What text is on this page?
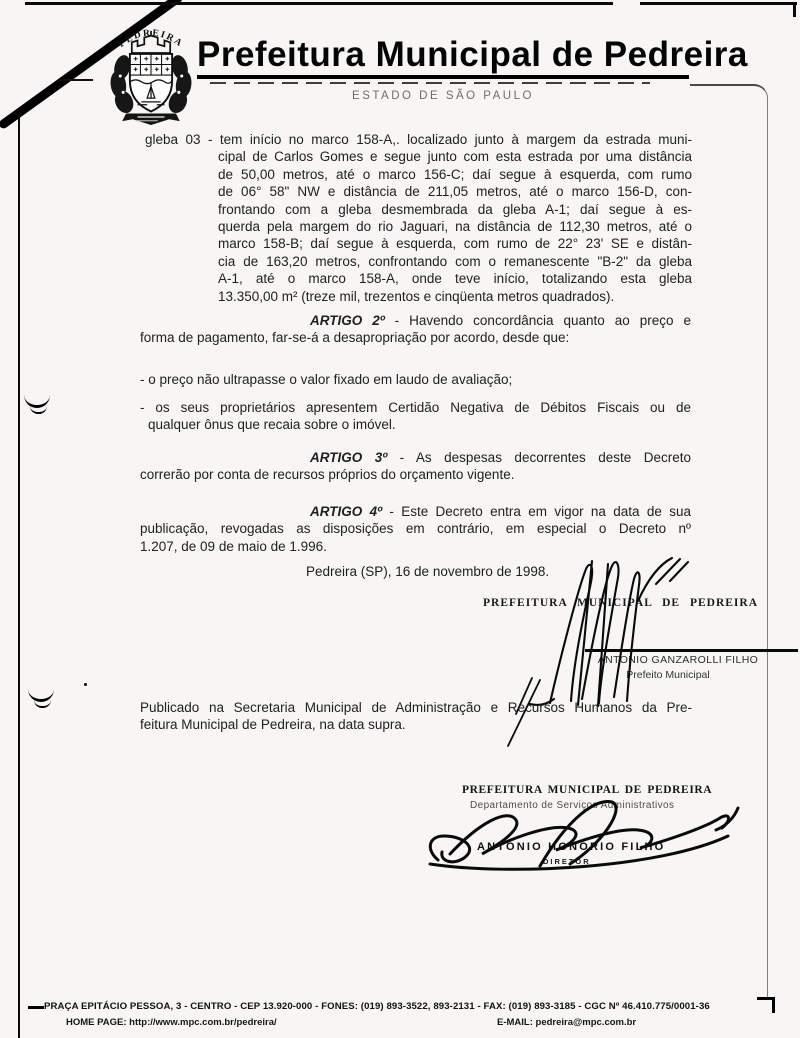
PEDREIRA Prefeitura Municipal de Pedreira
ESTADO DE SÃO PAULO
gleba 03 - tem início no marco 158-A,. localizado junto à margem da estrada muni-
cipal de Carlos Gomes e segue junto com esta estrada por uma distância
de 50,00 metros, até o marco 156-C; daí segue à esquerda, com rumo
de 06° 58" NW e distância de 211,05 metros, até o marco 156-D, con-
frontando com a gleba desmembrada da gleba A-1; daí segue à es-
querda pela margem do rio Jaguari, na distância de 112,30 metros, até o
marco 158-B; daí segue à esquerda, com rumo de 22° 23' SE e distân-
cia de 163,20 metros, confrontando com o remanescente "B-2" da gleba
A-1, até o marco 158-A, onde teve início, totalizando esta gleba
13.350,00 m² (treze mil, trezentos e cinqüenta metros quadrados).
ARTIGO 2º - Havendo concordância quanto ao preço e
forma de pagamento, far-se-á a desapropriação por acordo, desde que:
- o preço não ultrapasse o valor fixado em laudo de avaliação;
- os seus proprietários apresentem Certidão Negativa de Débitos Fiscais ou de
qualquer ônus que recaia sobre o imóvel.
ARTIGO 3º - As despesas decorrentes deste Decreto
correrão por conta de recursos próprios do orçamento vigente.
ARTIGO 4º - Este Decreto entra em vigor na data de sua
publicação, revogadas as disposições em contrário, em especial o Decreto nº
1.207, de 09 de maio de 1.996.
Pedreira (SP), 16 de novembro de 1998.
PREFEITURA MUNICIPAL DE PEDREIRA
ANTONIO GANZAROLLI FILHO
Prefeito Municipal
Publicado na Secretaria Municipal de Administração e Recursos Humanos da Pre-
feitura Municipal de Pedreira, na data supra.
PREFEITURA MUNICIPAL DE PEDREIRA
Departamento de Serviços Administrativos
ANTONIO HONORIO FILHO
DIRETOR
PRAÇA EPITÁCIO PESSOA, 3 - CENTRO - CEP 13.920-000 - FONES: (019) 893-3522, 893-2131 - FAX: (019) 893-3185 - CGC Nº 46.410.775/0001-36
HOME PAGE: http://www.mpc.com.br/pedreira/	E-MAIL: pedreira@mpc.com.br
